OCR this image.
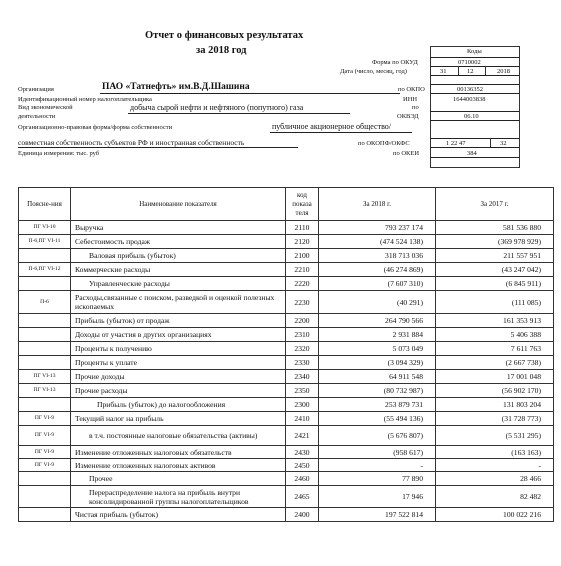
Отчет о финансовых результатах
за 2018 год	Коды
Форма по ОКУД	0710002
Дата (число, месяц, год)	31	12	2018
Организация	ПАО «Татнефть» им.В.Д.Шашина	по ОКПО	00136352
Идентификационный номер налогоплательщика	ИНН	1644003838
Вид экономической	добыча сырой нефти и нефтяного (попутного) газа	по
деятельности	ОКВЭД	06.10
Организационно-правовая форма/форма собственности	публичное акционерное общество/
совместная собственность субъектов РФ и иностранная собственность	по ОКОПФ/ОКФС	1 22 47	32
Единица измерения: тыс. руб	по ОКЕИ	384
Поясне-ния	Наименование показателя	код показа теля	За 2018 г.	За 2017 г.
ПГ VI-10	Выручка	2110	793 237 174	581 536 880
П-6,ПГ VI-11	Себестоимость продаж	2120	(474 524 138)	(369 978 929)
	Валовая прибыль (убыток)	2100	318 713 036	211 557 951
П-6,ПГ VI-12	Коммерческие расходы	2210	(46 274 869)	(43 247 042)
	Управленческие расходы	2220	(7 607 310)	(6 845 911)
П-6	Расходы,связанные с поиском, разведкой и оценкой полезных ископаемых	2230	(40 291)	(111 085)
	Прибыль (убыток) от продаж	2200	264 790 566	161 353 913
	Доходы от участия в других организациях	2310	2 931 884	5 406 388
	Проценты к получению	2320	5 073 049	7 611 763
	Проценты к уплате	2330	(3 094 329)	(2 667 738)
ПГ VI-13	Прочие доходы	2340	64 911 548	17 001 048
ПГ VI-13	Прочие расходы	2350	(80 732 987)	(56 902 170)
	Прибыль (убыток) до налогообложения	2300	253 879 731	131 803 204
ПГ VI-9	Текущий налог на прибыль	2410	(55 494 136)	(31 728 773)
ПГ VI-9	в т.ч. постоянные налоговые обязательства (активы)	2421	(5 676 807)	(5 531 295)
ПГ VI-9	Изменение отложенных налоговых обязательств	2430	(958 617)	(163 163)
ПГ VI-9	Изменение отложенных налоговых активов	2450	-	-
	Прочее	2460	77 890	28 466
	Перераспределение налога на прибыль внутри консолидированной группы налогоплательщиков	2465	17 946	82 482
	Чистая прибыль (убыток)	2400	197 522 814	100 022 216
